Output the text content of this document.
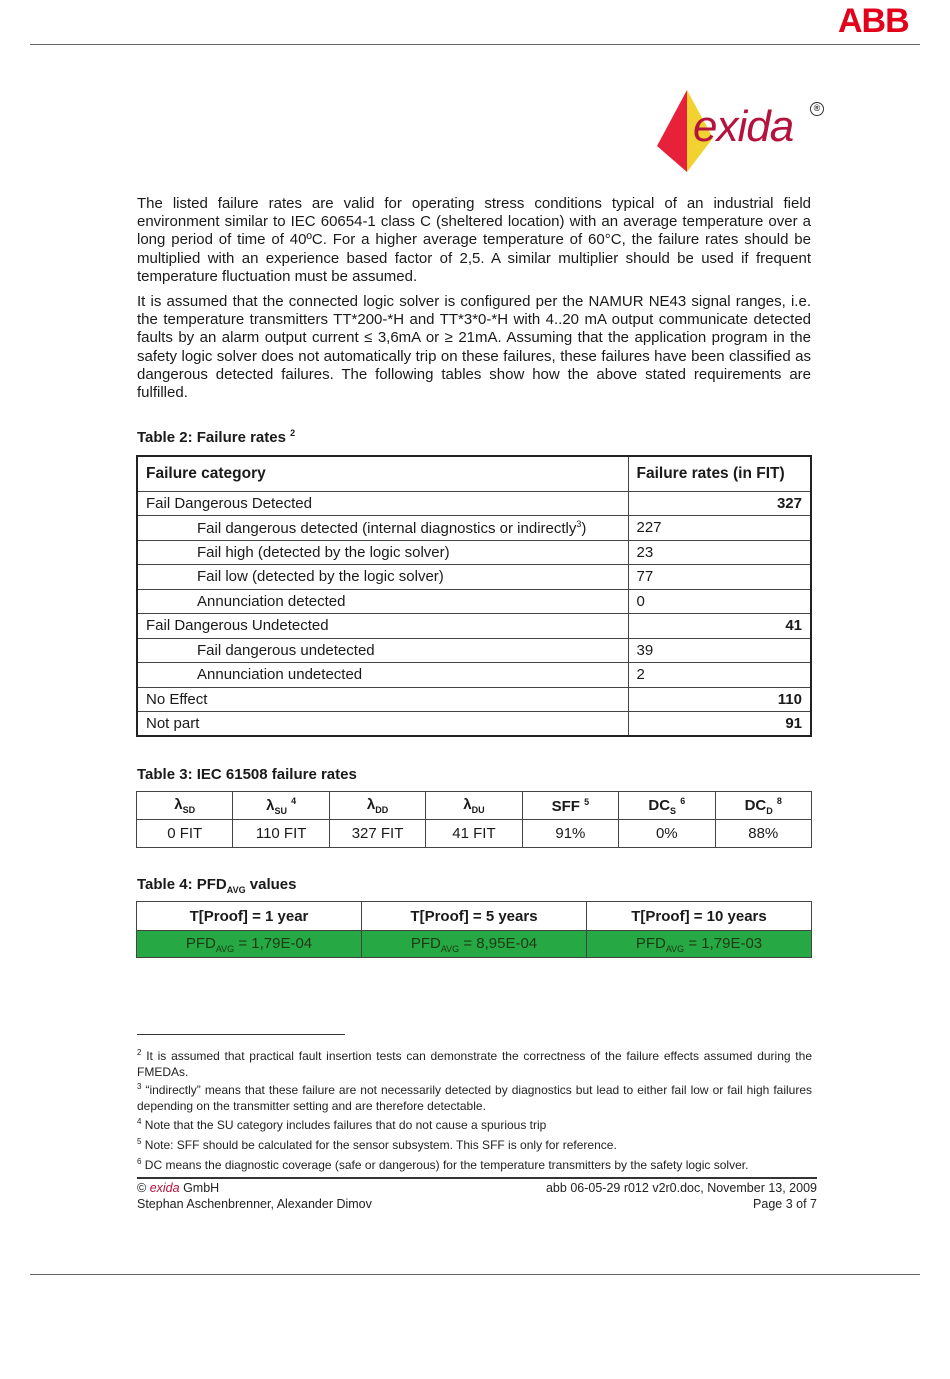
ABB
exida	®

The listed failure rates are valid for operating stress conditions typical of an industrial field environment similar to IEC 60654-1 class C (sheltered location) with an average temperature over a long period of time of 40ºC. For a higher average temperature of 60°C, the failure rates should be multiplied with an experience based factor of 2,5. A similar multiplier should be used if frequent temperature fluctuation must be assumed.

It is assumed that the connected logic solver is configured per the NAMUR NE43 signal ranges, i.e. the temperature transmitters TT*200-*H and TT*3*0-*H with 4..20 mA output communicate detected faults by an alarm output current ≤ 3,6mA or ≥ 21mA. Assuming that the application program in the safety logic solver does not automatically trip on these failures, these failures have been classified as dangerous detected failures. The following tables show how the above stated requirements are fulfilled.

Table 2: Failure rates $^2$
Failure category	Failure rates (in FIT)
Fail Dangerous Detected	327
Fail dangerous detected (internal diagnostics or indirectly$^3$)	227
Fail high (detected by the logic solver)	23
Fail low (detected by the logic solver)	77
Annunciation detected	0
Fail Dangerous Undetected	41
Fail dangerous undetected	39
Annunciation undetected	2
No Effect	110
Not part	91
Table 3: IEC 61508 failure rates
$\lambda_{SD}$	$\lambda_{SU}$ $^4$	$\lambda_{DD}$	$\lambda_{DU}$	SFF $^5$	$DC_S$ $^6$	$DC_D$ $^8$
0 FIT	110 FIT	327 FIT	41 FIT	91%	0%	88%
Table 4: $PFD_{AVG}$ values
T[Proof] = 1 year	T[Proof] = 5 years	T[Proof] = 10 years
$PFD_{AVG} = 1,79E-04$	$PFD_{AVG} = 8,95E-04$	$PFD_{AVG} = 1,79E-03$

$^2$ It is assumed that practical fault insertion tests can demonstrate the correctness of the failure effects assumed during the FMEDAs.

$^3$ “indirectly” means that these failure are not necessarily detected by diagnostics but lead to either fail low or fail high failures depending on the transmitter setting and are therefore detectable.

$^4$ Note that the SU category includes failures that do not cause a spurious trip

$^5$ Note: SFF should be calculated for the sensor subsystem. This SFF is only for reference.

$^6$ DC means the diagnostic coverage (safe or dangerous) for the temperature transmitters by the safety logic solver.

© exida GmbH
Stephan Aschenbrenner, Alexander Dimov
abb 06-05-29 r012 v2r0.doc, November 13, 2009
Page 3 of 7
